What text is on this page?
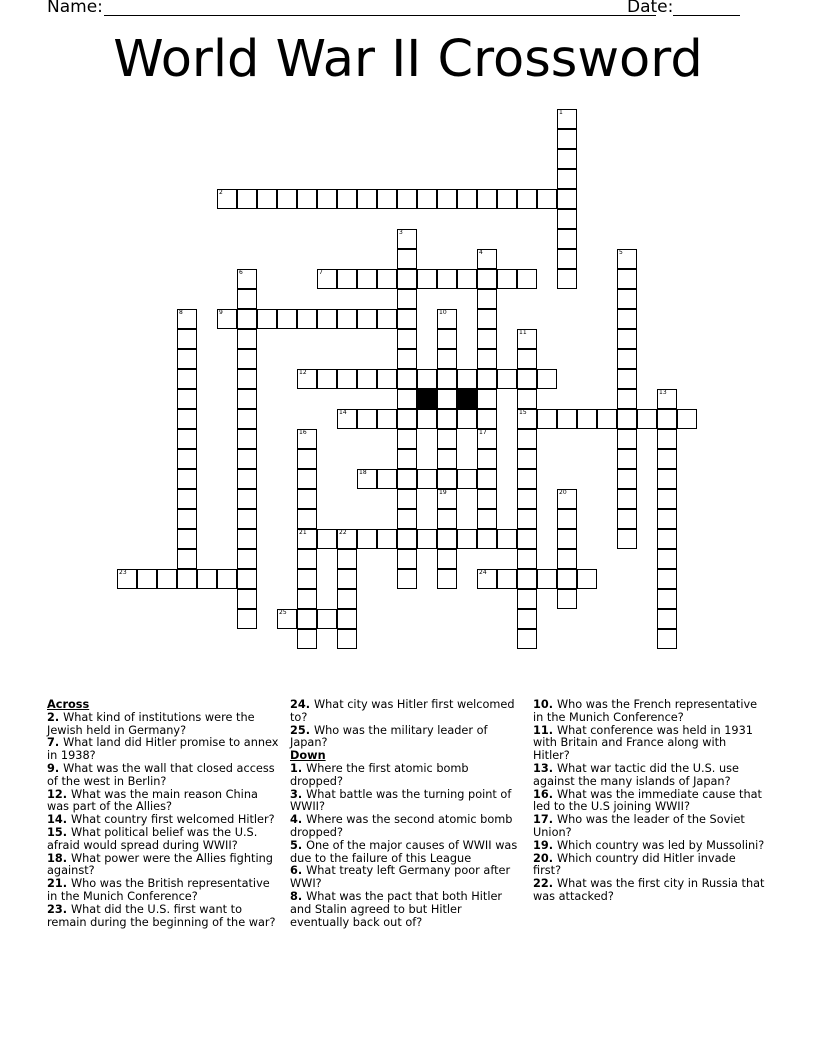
Name:	Date:
World War II Crossword
1
2
3
4
17
5
6	7
8	9	10
19
11
15
12
13
14
16
21
18
20
22
23	24
25
Across
2. What kind of institutions were the Jewish held in Germany?
7. What land did Hitler promise to annex in 1938?
9. What was the wall that closed access of the west in Berlin?
12. What was the main reason China was part of the Allies?
14. What country first welcomed Hitler?
15. What political belief was the U.S. afraid would spread during WWII?
18. What power were the Allies fighting against?
21. Who was the British representative in the Munich Conference?
23. What did the U.S. first want to remain during the beginning of the war?
24. What city was Hitler first welcomed to?
25. Who was the military leader of Japan?
Down
1. Where the first atomic bomb dropped?
3. What battle was the turning point of WWII?
4. Where was the second atomic bomb dropped?
5. One of the major causes of WWII was due to the failure of this League
6. What treaty left Germany poor after WWI?
8. What was the pact that both Hitler and Stalin agreed to but Hitler eventually back out of?
10. Who was the French representative in the Munich Conference?
11. What conference was held in 1931 with Britain and France along with Hitler?
13. What war tactic did the U.S. use against the many islands of Japan?
16. What was the immediate cause that led to the U.S joining WWII?
17. Who was the leader of the Soviet Union?
19. Which country was led by Mussolini?
20. Which country did Hitler invade first?
22. What was the first city in Russia that was attacked?
